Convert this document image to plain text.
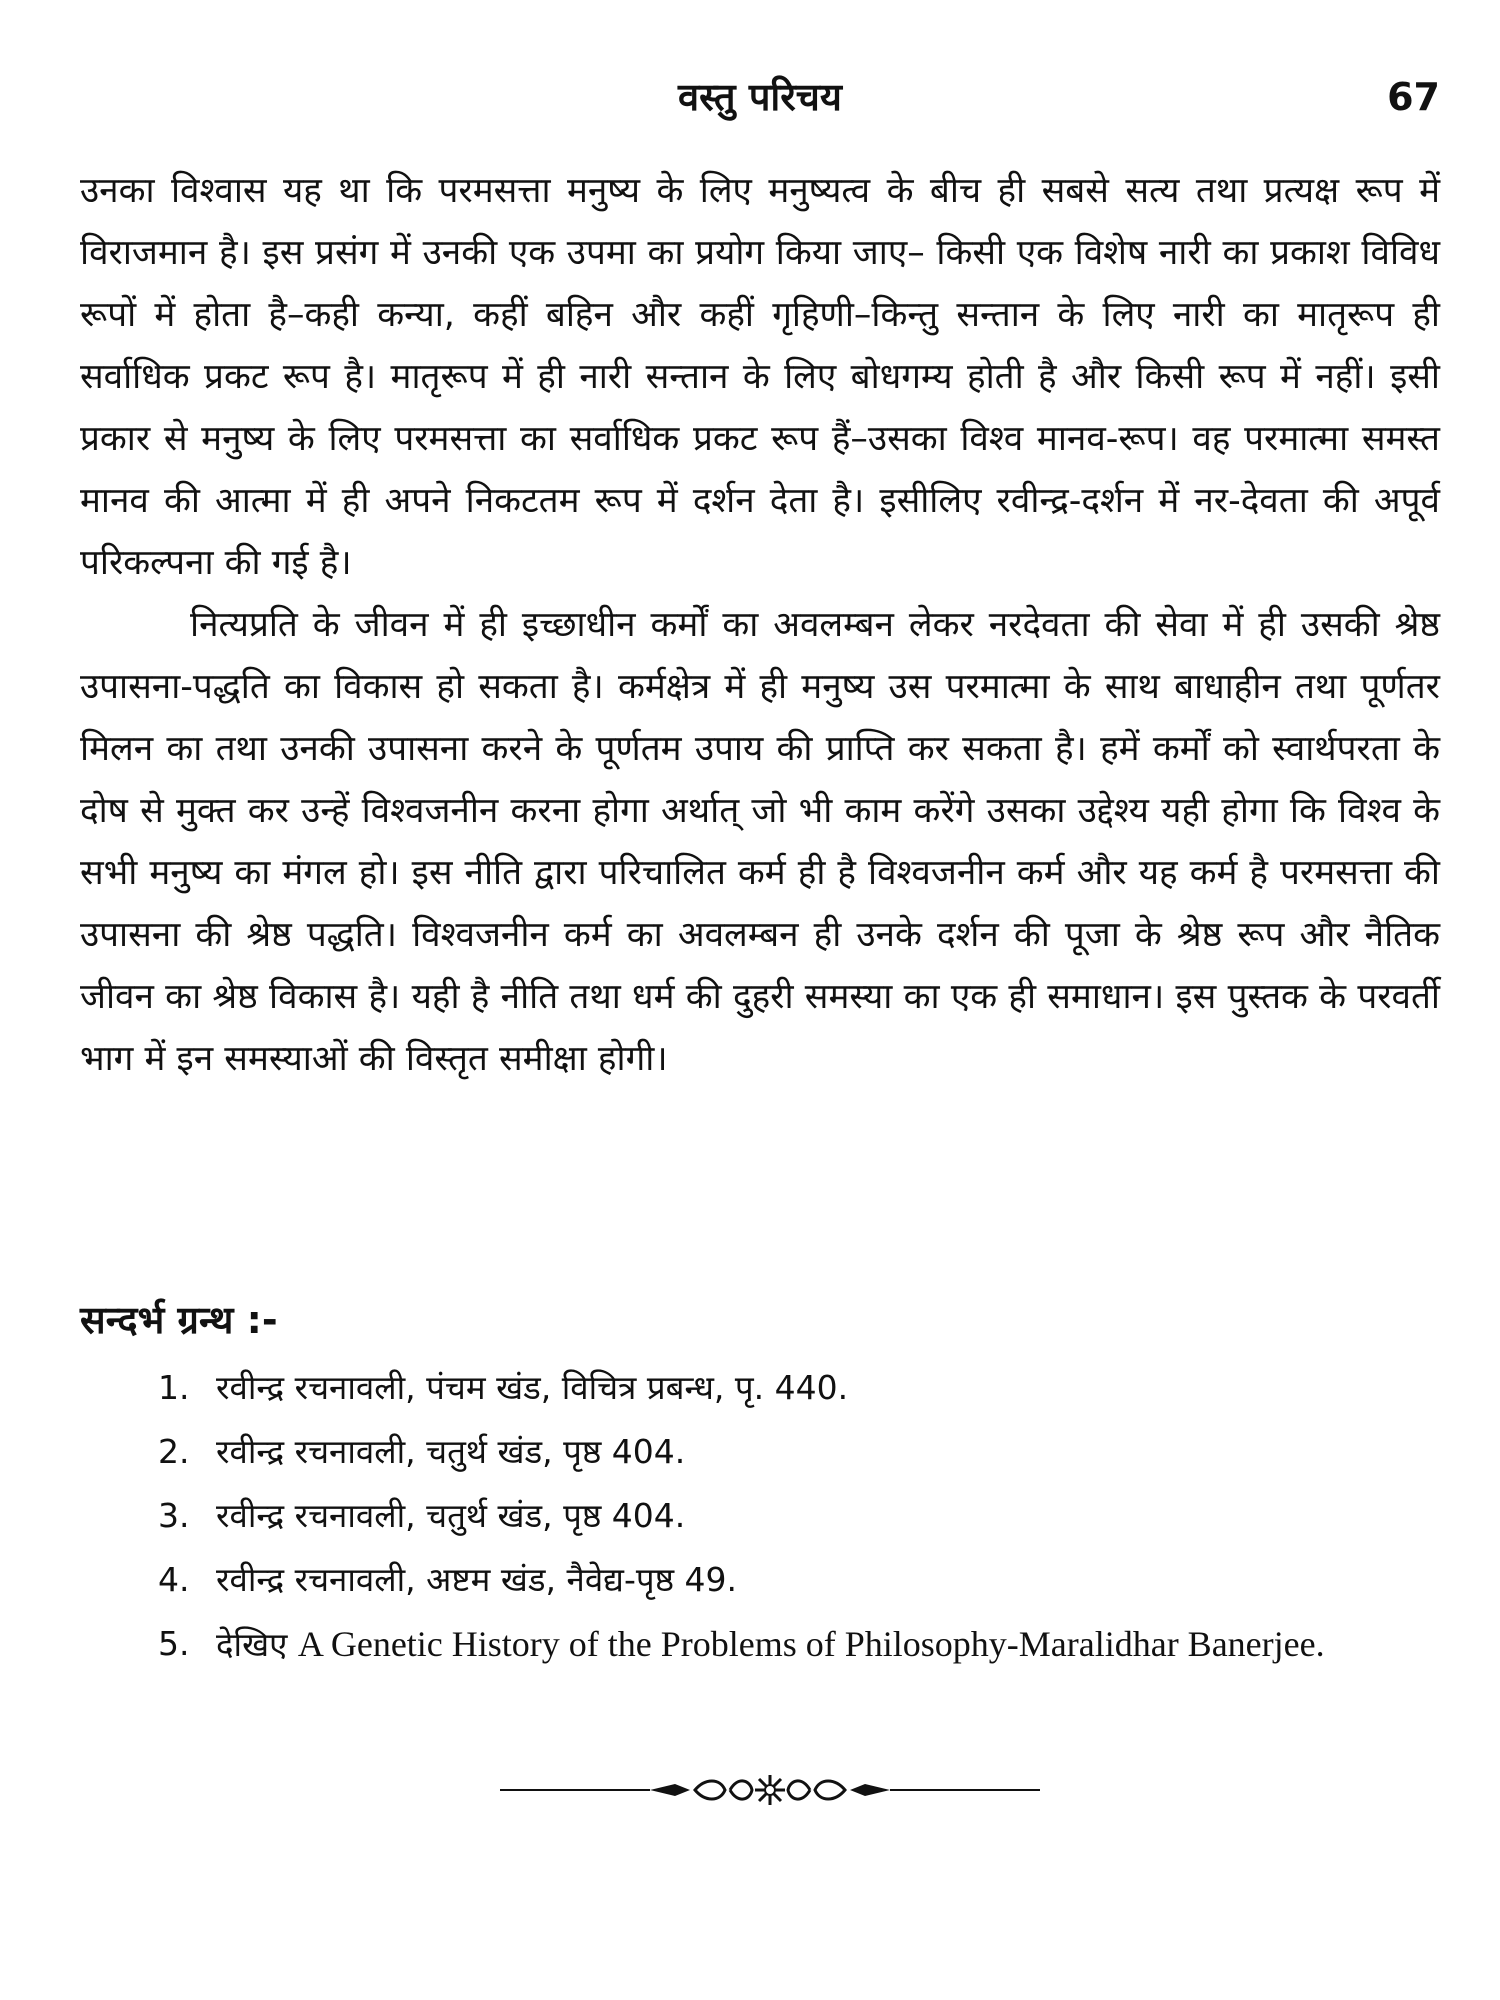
वस्तु परिचय	67

उनका विश्वास यह था कि परमसत्ता मनुष्य के लिए मनुष्यत्व के बीच ही सबसे सत्य तथा प्रत्यक्ष रूप में विराजमान है। इस प्रसंग में उनकी एक उपमा का प्रयोग किया जाए– किसी एक विशेष नारी का प्रकाश विविध रूपों में होता है–कही कन्या, कहीं बहिन और कहीं गृहिणी–किन्तु सन्तान के लिए नारी का मातृरूप ही सर्वाधिक प्रकट रूप है। मातृरूप में ही नारी सन्तान के लिए बोधगम्य होती है और किसी रूप में नहीं। इसी प्रकार से मनुष्य के लिए परमसत्ता का सर्वाधिक प्रकट रूप हैं–उसका विश्व मानव-रूप। वह परमात्मा समस्त मानव की आत्मा में ही अपने निकटतम रूप में दर्शन देता है। इसीलिए रवीन्द्र-दर्शन में नर-देवता की अपूर्व परिकल्पना की गई है।

नित्यप्रति के जीवन में ही इच्छाधीन कर्मों का अवलम्बन लेकर नरदेवता की सेवा में ही उसकी श्रेष्ठ उपासना-पद्धति का विकास हो सकता है। कर्मक्षेत्र में ही मनुष्य उस परमात्मा के साथ बाधाहीन तथा पूर्णतर मिलन का तथा उनकी उपासना करने के पूर्णतम उपाय की प्राप्ति कर सकता है। हमें कर्मों को स्वार्थपरता के दोष से मुक्त कर उन्हें विश्वजनीन करना होगा अर्थात् जो भी काम करेंगे उसका उद्देश्य यही होगा कि विश्व के सभी मनुष्य का मंगल हो। इस नीति द्वारा परिचालित कर्म ही है विश्वजनीन कर्म और यह कर्म है परमसत्ता की उपासना की श्रेष्ठ पद्धति। विश्वजनीन कर्म का अवलम्बन ही उनके दर्शन की पूजा के श्रेष्ठ रूप और नैतिक जीवन का श्रेष्ठ विकास है। यही है नीति तथा धर्म की दुहरी समस्या का एक ही समाधान। इस पुस्तक के परवर्ती भाग में इन समस्याओं की विस्तृत समीक्षा होगी।

सन्दर्भ ग्रन्थ :-
1. रवीन्द्र रचनावली, पंचम खंड, विचित्र प्रबन्ध, पृ. 440.
2. रवीन्द्र रचनावली, चतुर्थ खंड, पृष्ठ 404.
3. रवीन्द्र रचनावली, चतुर्थ खंड, पृष्ठ 404.
4. रवीन्द्र रचनावली, अष्टम खंड, नैवेद्य-पृष्ठ 49.
5. देखिए A Genetic History of the Problems of Philosophy-Maralidhar Banerjee.
